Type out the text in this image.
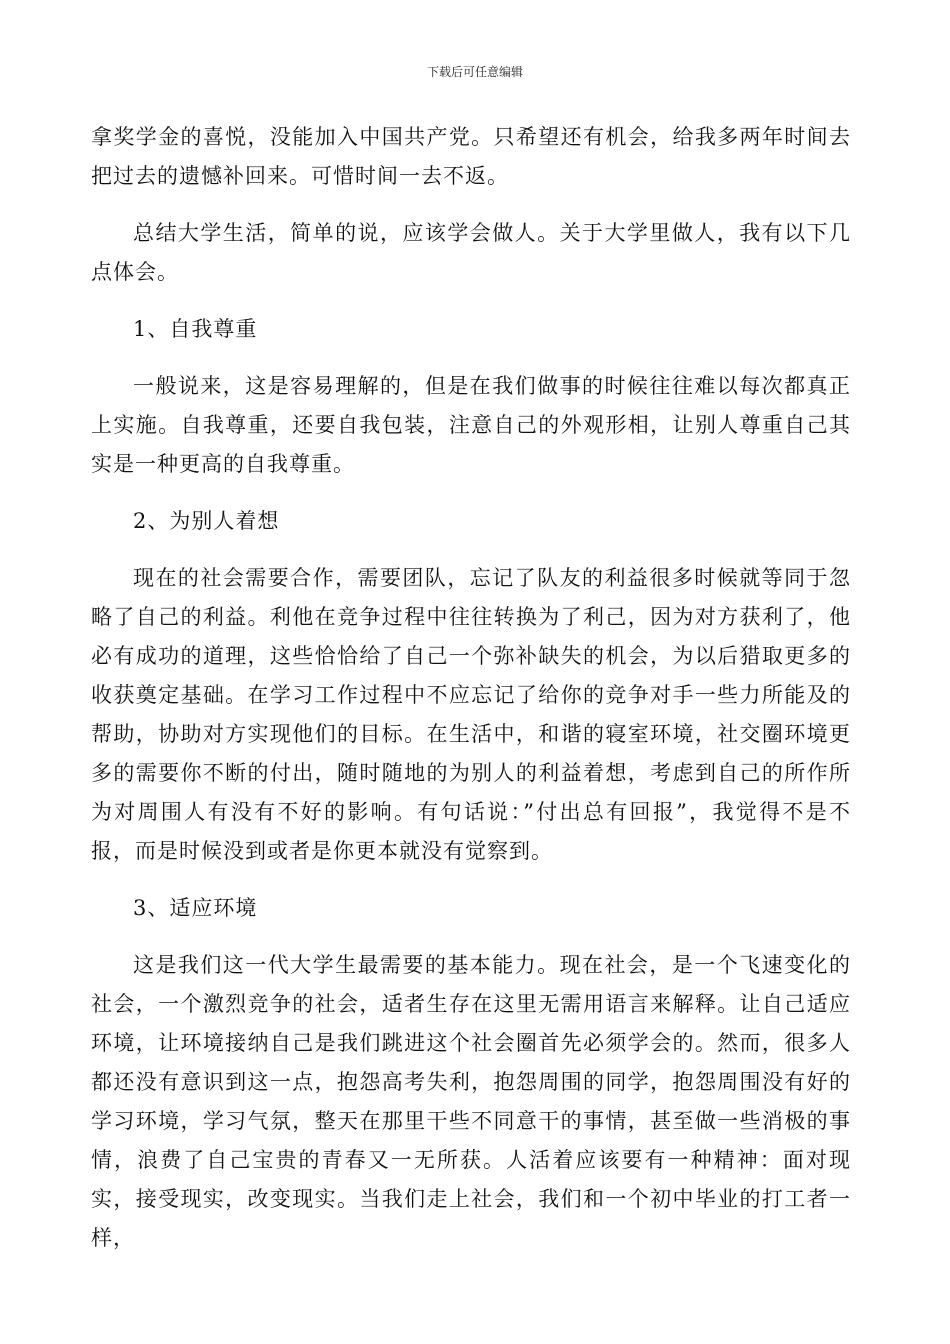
下载后可任意编辑

拿奖学金的喜悦，没能加入中国共产党。只希望还有机会，给我多两年时间去把过去的遗憾补回来。可惜时间一去不返。

总结大学生活，简单的说，应该学会做人。关于大学里做人，我有以下几点体会。

1、自我尊重

一般说来，这是容易理解的，但是在我们做事的时候往往难以每次都真正上实施。自我尊重，还要自我包装，注意自己的外观形相，让别人尊重自己其实是一种更高的自我尊重。

2、为别人着想

现在的社会需要合作，需要团队，忘记了队友的利益很多时候就等同于忽略了自己的利益。利他在竞争过程中往往转换为了利己，因为对方获利了，他必有成功的道理，这些恰恰给了自己一个弥补缺失的机会，为以后猎取更多的收获奠定基础。在学习工作过程中不应忘记了给你的竞争对手一些力所能及的帮助，协助对方实现他们的目标。在生活中，和谐的寝室环境，社交圈环境更多的需要你不断的付出，随时随地的为别人的利益着想，考虑到自己的所作所为对周围人有没有不好的影响。有句话说：”付出总有回报”，我觉得不是不报，而是时候没到或者是你更本就没有觉察到。

3、适应环境

这是我们这一代大学生最需要的基本能力。现在社会，是一个飞速变化的社会，一个激烈竞争的社会，适者生存在这里无需用语言来解释。让自己适应环境，让环境接纳自己是我们跳进这个社会圈首先必须学会的。然而，很多人都还没有意识到这一点，抱怨高考失利，抱怨周围的同学，抱怨周围没有好的学习环境，学习气氛，整天在那里干些不同意干的事情，甚至做一些消极的事情，浪费了自己宝贵的青春又一无所获。人活着应该要有一种精神：面对现实，接受现实，改变现实。当我们走上社会，我们和一个初中毕业的打工者一样，
